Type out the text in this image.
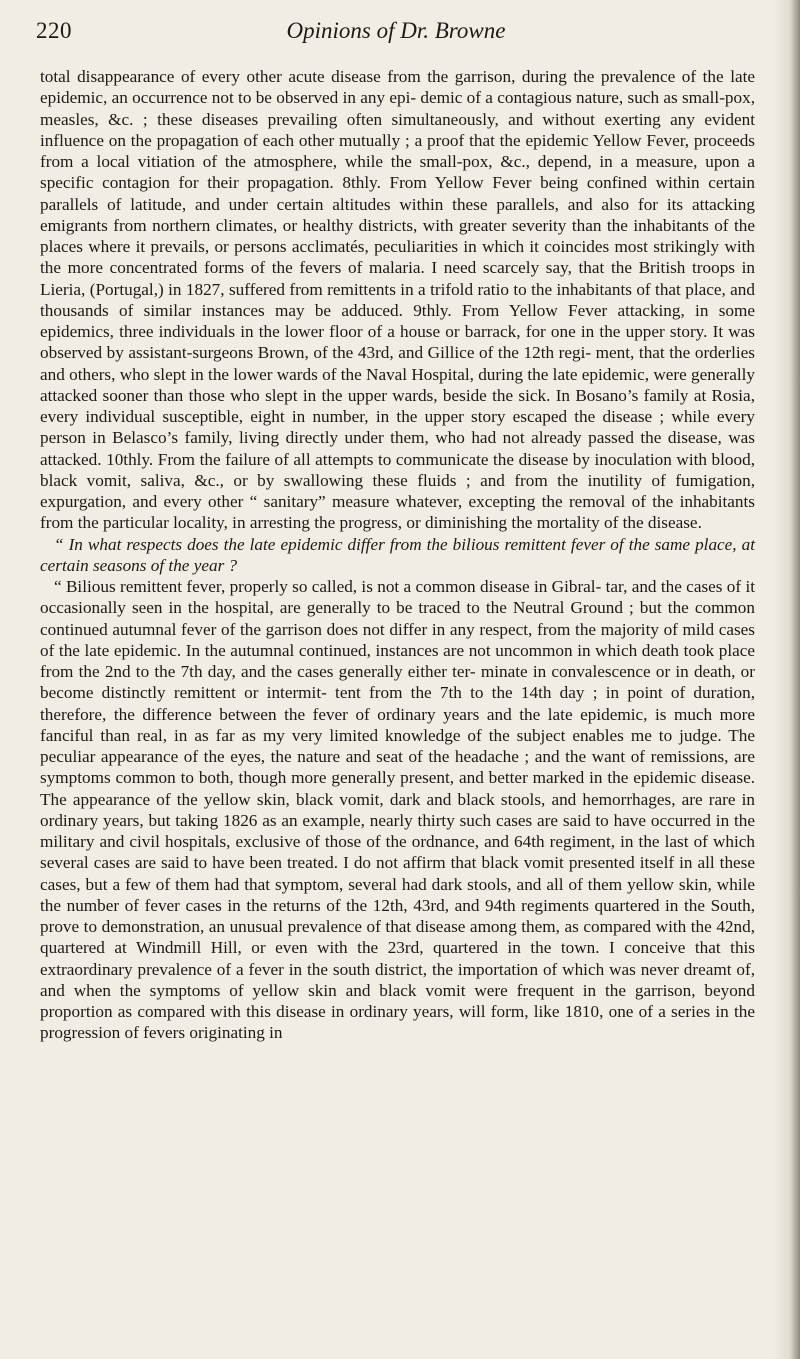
220	Opinions of Dr. Browne

total disappearance of every other acute disease from the garrison, during the prevalence of the late epidemic, an occurrence not to be observed in any epi- demic of a contagious nature, such as small-pox, measles, &c. ; these diseases prevailing often simultaneously, and without exerting any evident influence on the propagation of each other mutually ; a proof that the epidemic Yellow Fever, proceeds from a local vitiation of the atmosphere, while the small-pox, &c., depend, in a measure, upon a specific contagion for their propagation. 8thly. From Yellow Fever being confined within certain parallels of latitude, and under certain altitudes within these parallels, and also for its attacking emigrants from northern climates, or healthy districts, with greater severity than the inhabitants of the places where it prevails, or persons acclimatés, peculiarities in which it coincides most strikingly with the more concentrated forms of the fevers of malaria. I need scarcely say, that the British troops in Lieria, (Portugal,) in 1827, suffered from remittents in a trifold ratio to the inhabitants of that place, and thousands of similar instances may be adduced. 9thly. From Yellow Fever attacking, in some epidemics, three individuals in the lower floor of a house or barrack, for one in the upper story. It was observed by assistant-surgeons Brown, of the 43rd, and Gillice of the 12th regi- ment, that the orderlies and others, who slept in the lower wards of the Naval Hospital, during the late epidemic, were generally attacked sooner than those who slept in the upper wards, beside the sick. In Bosano’s family at Rosia, every individual susceptible, eight in number, in the upper story escaped the disease ; while every person in Belasco’s family, living directly under them, who had not already passed the disease, was attacked. 10thly. From the failure of all attempts to communicate the disease by inoculation with blood, black vomit, saliva, &c., or by swallowing these fluids ; and from the inutility of fumigation, expurgation, and every other “ sanitary” measure whatever, excepting the removal of the inhabitants from the particular locality, in arresting the progress, or diminishing the mortality of the disease.

“ In what respects does the late epidemic differ from the bilious remittent fever of the same place, at certain seasons of the year ?

“ Bilious remittent fever, properly so called, is not a common disease in Gibral- tar, and the cases of it occasionally seen in the hospital, are generally to be traced to the Neutral Ground ; but the common continued autumnal fever of the garrison does not differ in any respect, from the majority of mild cases of the late epidemic. In the autumnal continued, instances are not uncommon in which death took place from the 2nd to the 7th day, and the cases generally either ter- minate in convalescence or in death, or become distinctly remittent or intermit- tent from the 7th to the 14th day ; in point of duration, therefore, the difference between the fever of ordinary years and the late epidemic, is much more fanciful than real, in as far as my very limited knowledge of the subject enables me to judge. The peculiar appearance of the eyes, the nature and seat of the headache ; and the want of remissions, are symptoms common to both, though more generally present, and better marked in the epidemic disease. The appearance of the yellow skin, black vomit, dark and black stools, and hemorrhages, are rare in ordinary years, but taking 1826 as an example, nearly thirty such cases are said to have occurred in the military and civil hospitals, exclusive of those of the ordnance, and 64th regiment, in the last of which several cases are said to have been treated. I do not affirm that black vomit presented itself in all these cases, but a few of them had that symptom, several had dark stools, and all of them yellow skin, while the number of fever cases in the returns of the 12th, 43rd, and 94th regiments quartered in the South, prove to demonstration, an unusual prevalence of that disease among them, as compared with the 42nd, quartered at Windmill Hill, or even with the 23rd, quartered in the town. I conceive that this extraordinary prevalence of a fever in the south district, the importation of which was never dreamt of, and when the symptoms of yellow skin and black vomit were frequent in the garrison, beyond proportion as compared with this disease in ordinary years, will form, like 1810, one of a series in the progression of fevers originating in
